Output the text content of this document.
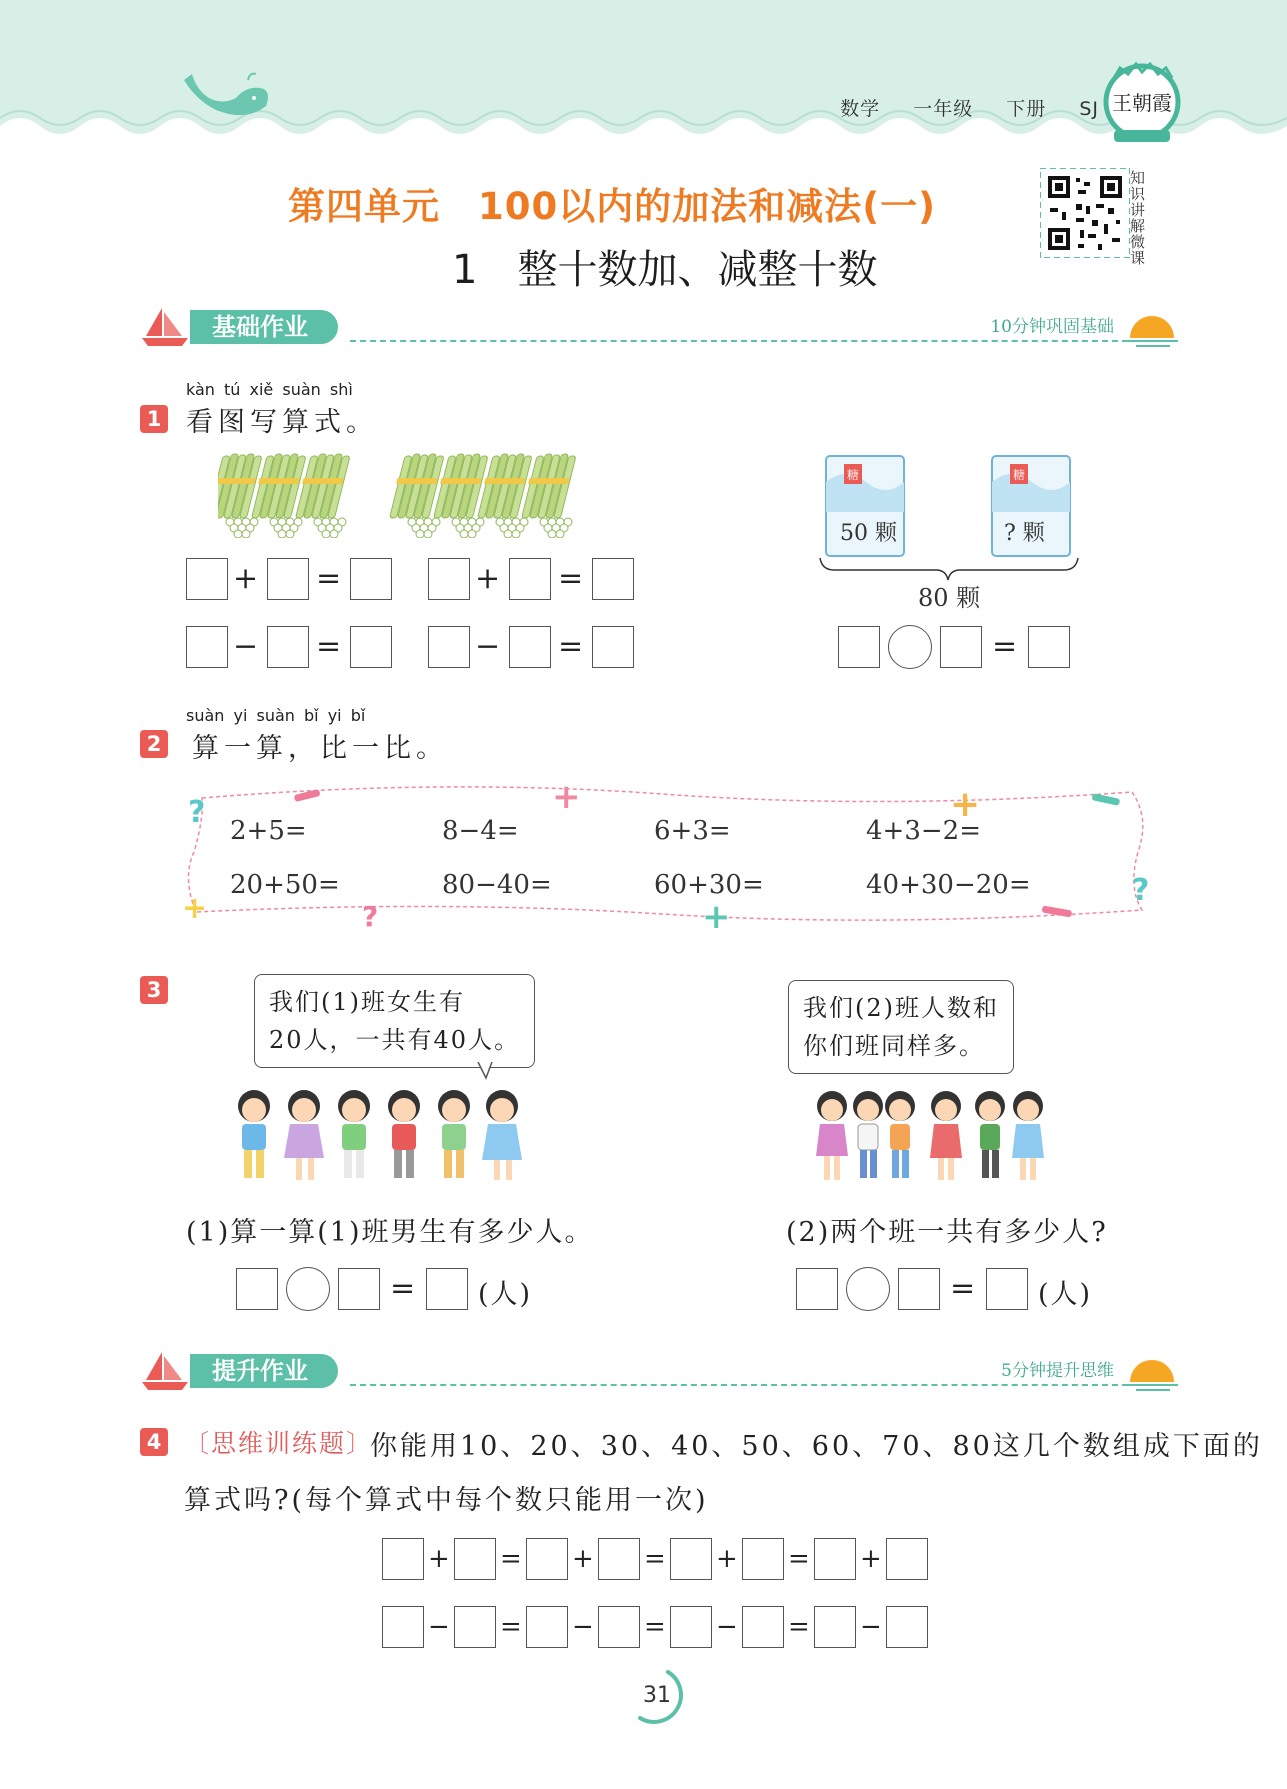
数学 一年级 下册 SJ 王朝霞
第四单元 100以内的加法和减法(一)
1　整十数加、减整十数
知识讲解微课
基础作业	10分钟巩固基础
kàn tú xiě suàn shì
1 看图写算式。
+ =	+ =
− =	− =
糖	糖
50 颗	? 颗
80 颗
=
suàn yi suàn bǐ yi bǐ
2 算一算，比一比。
?	+	+
+	?	+
?
2+5=	8−4=	6+3=	4+3−2=
20+50=	80−40=	60+30=	40+30−20=
3	我们(1)班女生有
20人，一共有40人。
我们(2)班人数和
你们班同样多。
(1)算一算(1)班男生有多少人。	(2)两个班一共有多少人?
= (人)	= (人)
提升作业	5分钟提升思维
4 〔思维训练题〕
你能用10、20、30、40、50、60、70、80这几个数组成下面的
算式吗?(每个算式中每个数只能用一次)
+ = + = + = +
− = − = − = −
31
